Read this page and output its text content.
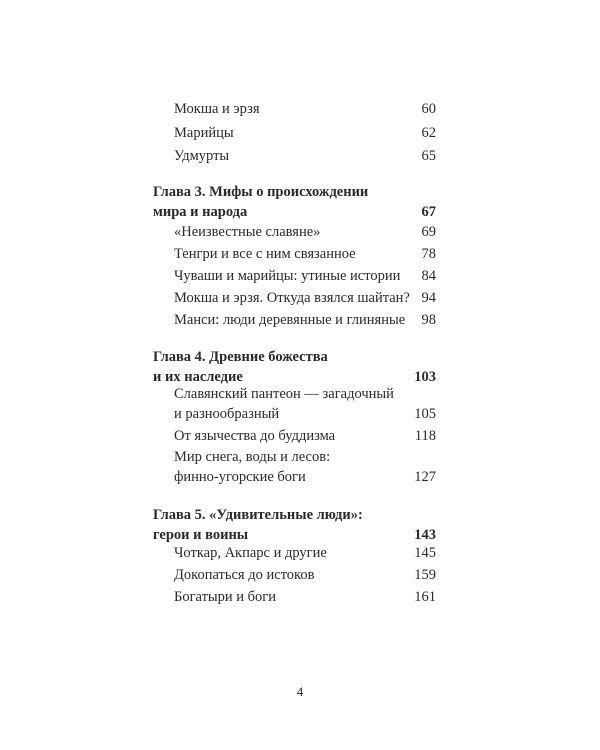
Мокша и эрзя	60
Марийцы	62
Удмурты	65
Глава 3. Мифы о происхождении
мира и народа	67
«Неизвестные славяне»	69
Тенгри и все с ним связанное	78
Чуваши и марийцы: утиные истории 84
Мокша и эрзя. Откуда взялся шайтан? 94
Манси: люди деревянные и глиняные 98
Глава 4. Древние божества
и их наследие	103
Славянский пантеон — загадочный
и разнообразный	105
От язычества до буддизма	118
Мир снега, воды и лесов:
финно-угорские боги	127
Глава 5. «Удивительные люди»:
герои и воины	143
Чоткар, Акпарс и другие	145
Докопаться до истоков	159
Богатыри и боги	161
4
